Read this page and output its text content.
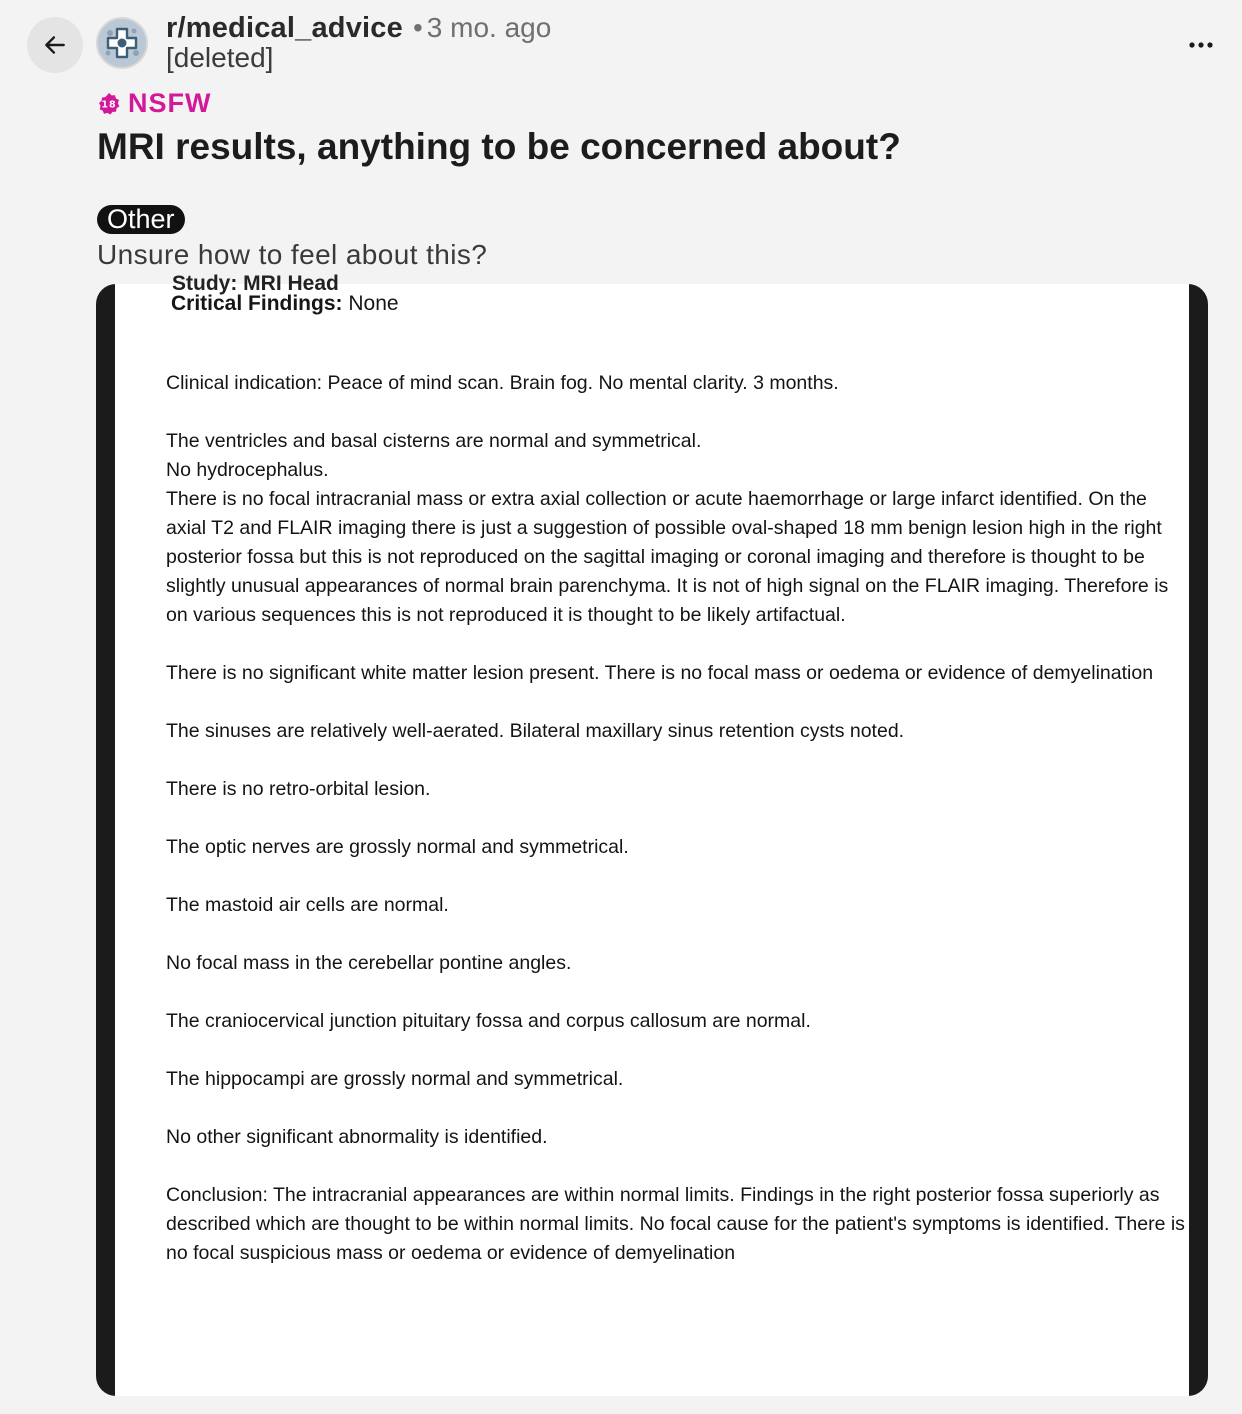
r/medical_advice • 3 mo. ago
[deleted]
18 NSFW
MRI results, anything to be concerned about?
Other
Unsure how to feel about this?
Study: MRI Head
Critical Findings: None

Clinical indication: Peace of mind scan. Brain fog. No mental clarity. 3 months.

The ventricles and basal cisterns are normal and symmetrical.

No hydrocephalus.

There is no focal intracranial mass or extra axial collection or acute haemorrhage or large infarct identified. On the axial T2 and FLAIR imaging there is just a suggestion of possible oval-shaped 18 mm benign lesion high in the right posterior fossa but this is not reproduced on the sagittal imaging or coronal imaging and therefore is thought to be slightly unusual appearances of normal brain parenchyma. It is not of high signal on the FLAIR imaging. Therefore is on various sequences this is not reproduced it is thought to be likely artifactual.

There is no significant white matter lesion present. There is no focal mass or oedema or evidence of demyelination

The sinuses are relatively well-aerated. Bilateral maxillary sinus retention cysts noted.

There is no retro-orbital lesion.

The optic nerves are grossly normal and symmetrical.

The mastoid air cells are normal.

No focal mass in the cerebellar pontine angles.

The craniocervical junction pituitary fossa and corpus callosum are normal.

The hippocampi are grossly normal and symmetrical.

No other significant abnormality is identified.

Conclusion: The intracranial appearances are within normal limits. Findings in the right posterior fossa superiorly as described which are thought to be within normal limits. No focal cause for the patient's symptoms is identified. There is no focal suspicious mass or oedema or evidence of demyelination
